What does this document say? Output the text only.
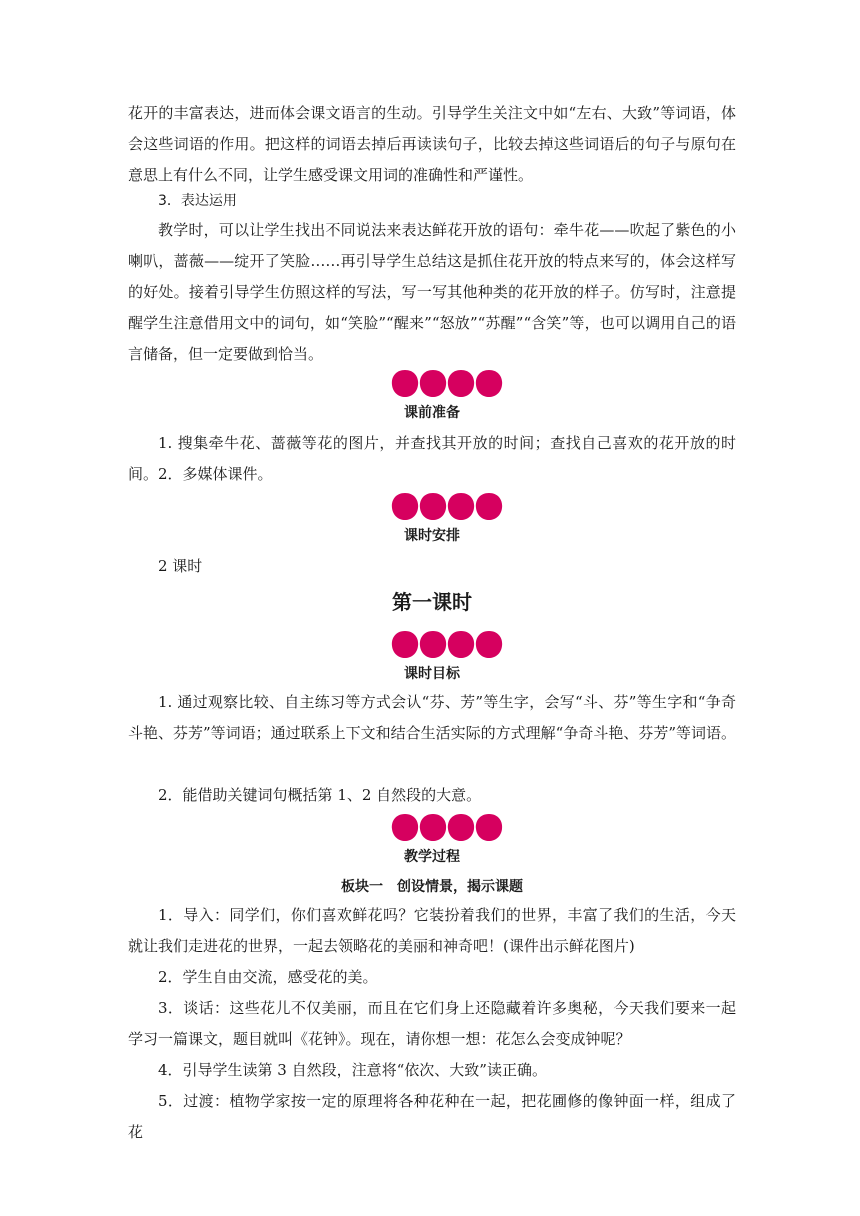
花开的丰富表达，进而体会课文语言的生动。引导学生关注文中如“左右、大致”等词语，体会这些词语的作用。把这样的词语去掉后再读读句子，比较去掉这些词语后的句子与原句在意思上有什么不同，让学生感受课文用词的准确性和严谨性。

3．表达运用

教学时，可以让学生找出不同说法来表达鲜花开放的语句：牵牛花——吹起了紫色的小喇叭，蔷薇——绽开了笑脸……再引导学生总结这是抓住花开放的特点来写的，体会这样写的好处。接着引导学生仿照这样的写法，写一写其他种类的花开放的样子。仿写时，注意提醒学生注意借用文中的词句，如“笑脸”“醒来”“怒放”“苏醒”“含笑”等，也可以调用自己的语言储备，但一定要做到恰当。

课前准备

1. 搜集牵牛花、蔷薇等花的图片，并查找其开放的时间；查找自己喜欢的花开放的时间。 2．多媒体课件。

课时安排

2 课时

第一课时
课时目标

1. 通过观察比较、自主练习等方式会认“芬、芳”等生字，会写“斗、芬”等生字和“争奇斗艳、芬芳”等词语；通过联系上下文和结合生活实际的方式理解“争奇斗艳、芬芳”等词语。

2．能借助关键词句概括第 1、2 自然段的大意。

教学过程
板块一　创设情景，揭示课题

1．导入：同学们，你们喜欢鲜花吗？它装扮着我们的世界，丰富了我们的生活，今天就让我们走进花的世界，一起去领略花的美丽和神奇吧！(课件出示鲜花图片)

2．学生自由交流，感受花的美。

3．谈话：这些花儿不仅美丽，而且在它们身上还隐藏着许多奥秘，今天我们要来一起学习一篇课文，题目就叫《花钟》。现在，请你想一想：花怎么会变成钟呢？

4．引导学生读第 3 自然段，注意将“依次、大致”读正确。

5．过渡：植物学家按一定的原理将各种花种在一起，把花圃修的像钟面一样，组成了花
